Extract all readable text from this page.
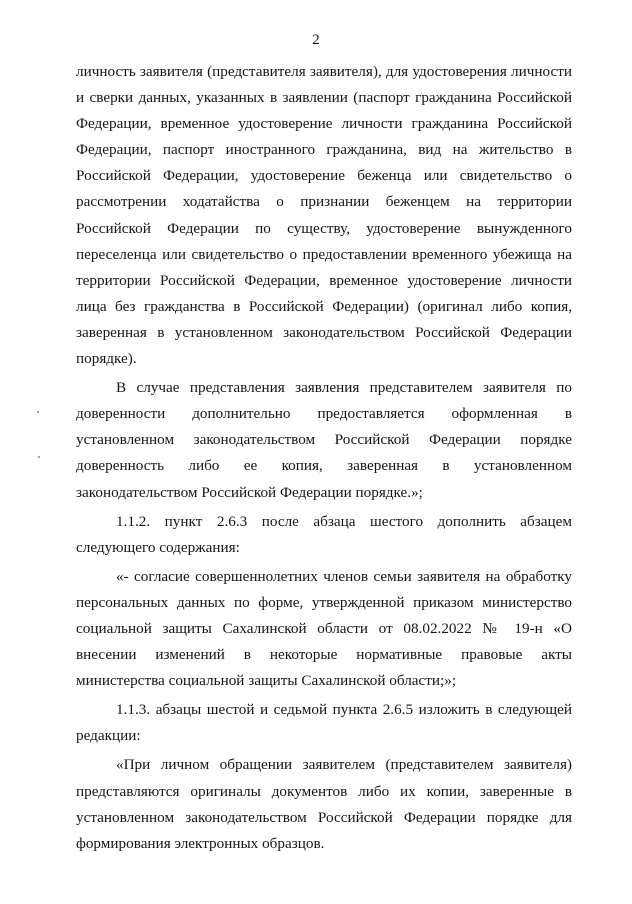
2

личность заявителя (представителя заявителя), для удостоверения личности и сверки данных, указанных в заявлении (паспорт гражданина Российской Федерации, временное удостоверение личности гражданина Российской Федерации, паспорт иностранного гражданина, вид на жительство в Российской Федерации, удостоверение беженца или свидетельство о рассмотрении ходатайства о признании беженцем на территории Российской Федерации по существу, удостоверение вынужденного переселенца или свидетельство о предоставлении временного убежища на территории Российской Федерации, временное удостоверение личности лица без гражданства в Российской Федерации) (оригинал либо копия, заверенная в установленном законодательством Российской Федерации порядке).

В случае представления заявления представителем заявителя по доверенности дополнительно предоставляется оформленная в установленном законодательством Российской Федерации порядке доверенность либо ее копия, заверенная в установленном законодательством Российской Федерации порядке.»;

1.1.2. пункт 2.6.3 после абзаца шестого дополнить абзацем следующего содержания:

«- согласие совершеннолетних членов семьи заявителя на обработку персональных данных по форме, утвержденной приказом министерство социальной защиты Сахалинской области от 08.02.2022 № 19-н «О внесении изменений в некоторые нормативные правовые акты министерства социальной защиты Сахалинской области;»;

1.1.3. абзацы шестой и седьмой пункта 2.6.5 изложить в следующей редакции:

«При личном обращении заявителем (представителем заявителя) представляются оригиналы документов либо их копии, заверенные в установленном законодательством Российской Федерации порядке для формирования электронных образцов.
